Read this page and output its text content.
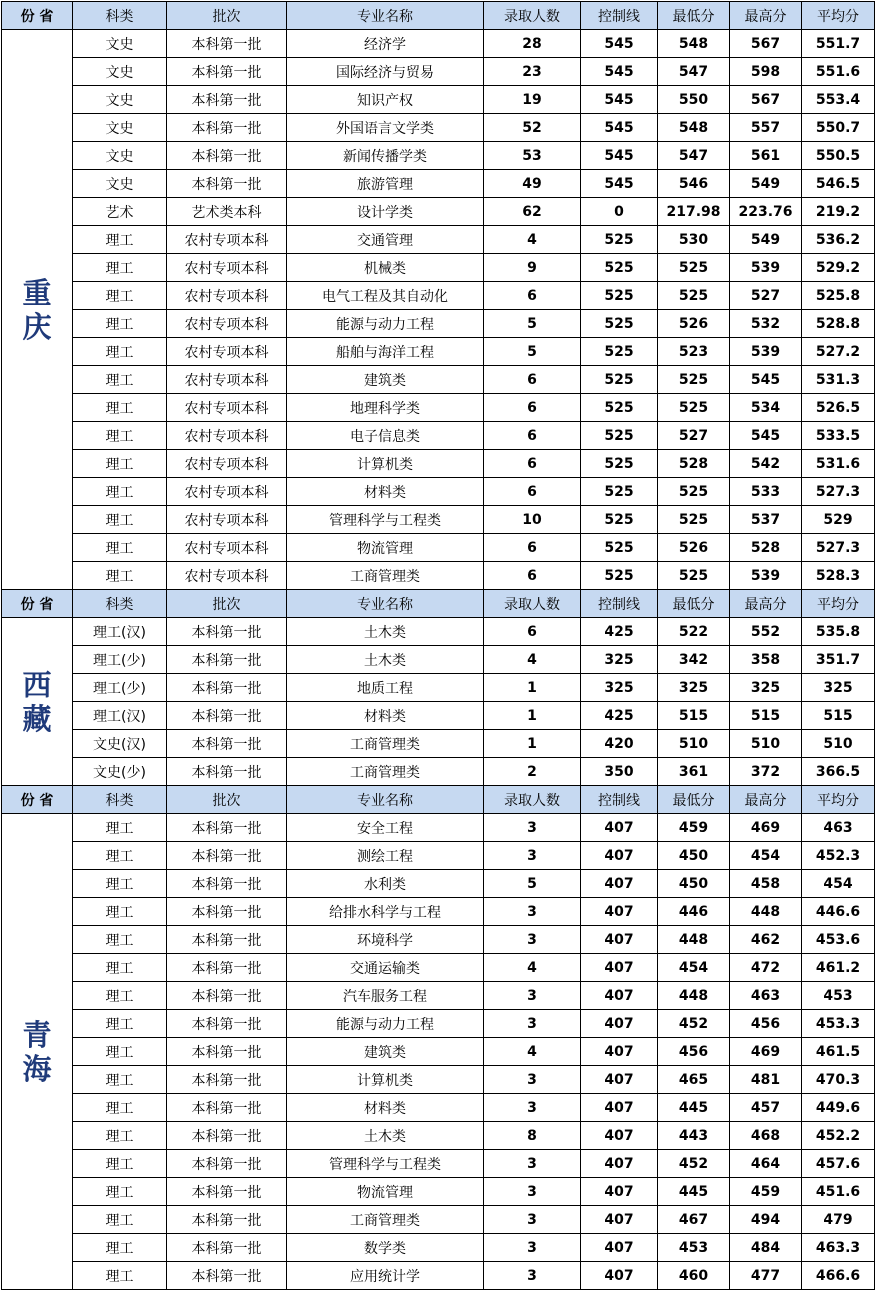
份 省	科类	批次	专业名称	录取人数	控制线	最低分	最高分	平均分
重庆	文史	本科第一批	经济学	28	545	548	567	551.7
	文史	本科第一批	国际经济与贸易	23	545	547	598	551.6
	文史	本科第一批	知识产权	19	545	550	567	553.4
	文史	本科第一批	外国语言文学类	52	545	548	557	550.7
	文史	本科第一批	新闻传播学类	53	545	547	561	550.5
	文史	本科第一批	旅游管理	49	545	546	549	546.5
	艺术	艺术类本科	设计学类	62	0	217.98	223.76	219.2
	理工	农村专项本科	交通管理	4	525	530	549	536.2
	理工	农村专项本科	机械类	9	525	525	539	529.2
	理工	农村专项本科	电气工程及其自动化	6	525	525	527	525.8
	理工	农村专项本科	能源与动力工程	5	525	526	532	528.8
	理工	农村专项本科	船舶与海洋工程	5	525	523	539	527.2
	理工	农村专项本科	建筑类	6	525	525	545	531.3
	理工	农村专项本科	地理科学类	6	525	525	534	526.5
	理工	农村专项本科	电子信息类	6	525	527	545	533.5
	理工	农村专项本科	计算机类	6	525	528	542	531.6
	理工	农村专项本科	材料类	6	525	525	533	527.3
	理工	农村专项本科	管理科学与工程类	10	525	525	537	529
	理工	农村专项本科	物流管理	6	525	526	528	527.3
	理工	农村专项本科	工商管理类	6	525	525	539	528.3
份 省	科类	批次	专业名称	录取人数	控制线	最低分	最高分	平均分
西藏	理工(汉)	本科第一批	土木类	6	425	522	552	535.8
	理工(少)	本科第一批	土木类	4	325	342	358	351.7
	理工(少)	本科第一批	地质工程	1	325	325	325	325
	理工(汉)	本科第一批	材料类	1	425	515	515	515
	文史(汉)	本科第一批	工商管理类	1	420	510	510	510
	文史(少)	本科第一批	工商管理类	2	350	361	372	366.5
份 省	科类	批次	专业名称	录取人数	控制线	最低分	最高分	平均分
青海	理工	本科第一批	安全工程	3	407	459	469	463
	理工	本科第一批	测绘工程	3	407	450	454	452.3
	理工	本科第一批	水利类	5	407	450	458	454
	理工	本科第一批	给排水科学与工程	3	407	446	448	446.6
	理工	本科第一批	环境科学	3	407	448	462	453.6
	理工	本科第一批	交通运输类	4	407	454	472	461.2
	理工	本科第一批	汽车服务工程	3	407	448	463	453
	理工	本科第一批	能源与动力工程	3	407	452	456	453.3
	理工	本科第一批	建筑类	4	407	456	469	461.5
	理工	本科第一批	计算机类	3	407	465	481	470.3
	理工	本科第一批	材料类	3	407	445	457	449.6
	理工	本科第一批	土木类	8	407	443	468	452.2
	理工	本科第一批	管理科学与工程类	3	407	452	464	457.6
	理工	本科第一批	物流管理	3	407	445	459	451.6
	理工	本科第一批	工商管理类	3	407	467	494	479
	理工	本科第一批	数学类	3	407	453	484	463.3
	理工	本科第一批	应用统计学	3	407	460	477	466.6
